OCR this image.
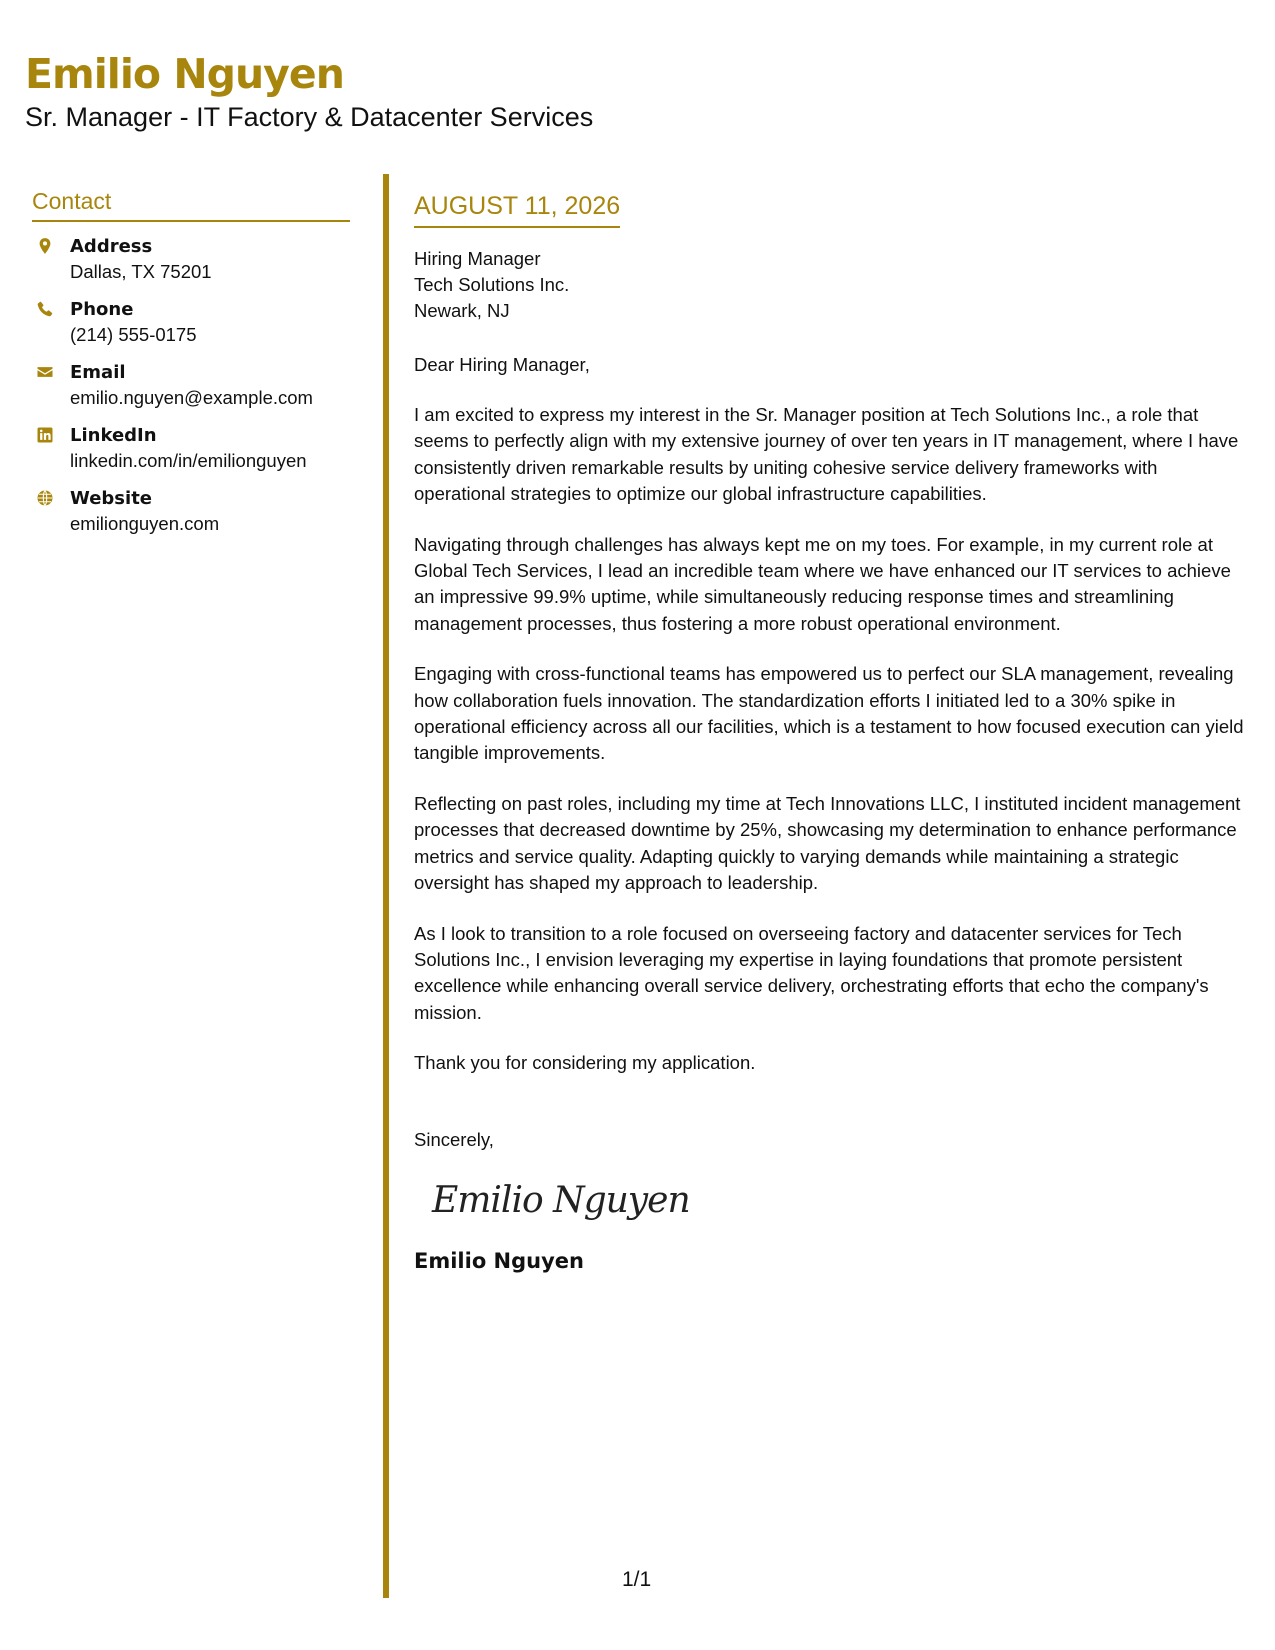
Emilio Nguyen
Sr. Manager - IT Factory & Datacenter Services
Contact
Address
Dallas, TX 75201
Phone
(214) 555-0175
Email
emilio.nguyen@example.com
LinkedIn
linkedin.com/in/emilionguyen
Website
emilionguyen.com
AUGUST 11, 2026
Hiring Manager
Tech Solutions Inc.
Newark, NJ
Dear Hiring Manager,

I am excited to express my interest in the Sr. Manager position at Tech Solutions Inc., a role that seems to perfectly align with my extensive journey of over ten years in IT management, where I have consistently driven remarkable results by uniting cohesive service delivery frameworks with operational strategies to optimize our global infrastructure capabilities.

Navigating through challenges has always kept me on my toes. For example, in my current role at Global Tech Services, I lead an incredible team where we have enhanced our IT services to achieve an impressive 99.9% uptime, while simultaneously reducing response times and streamlining management processes, thus fostering a more robust operational environment.

Engaging with cross-functional teams has empowered us to perfect our SLA management, revealing how collaboration fuels innovation. The standardization efforts I initiated led to a 30% spike in operational efficiency across all our facilities, which is a testament to how focused execution can yield tangible improvements.

Reflecting on past roles, including my time at Tech Innovations LLC, I instituted incident management processes that decreased downtime by 25%, showcasing my determination to enhance performance metrics and service quality. Adapting quickly to varying demands while maintaining a strategic oversight has shaped my approach to leadership.

As I look to transition to a role focused on overseeing factory and datacenter services for Tech Solutions Inc., I envision leveraging my expertise in laying foundations that promote persistent excellence while enhancing overall service delivery, orchestrating efforts that echo the company's mission.

Thank you for considering my application.

Sincerely,
Emilio Nguyen
Emilio Nguyen
1/1
